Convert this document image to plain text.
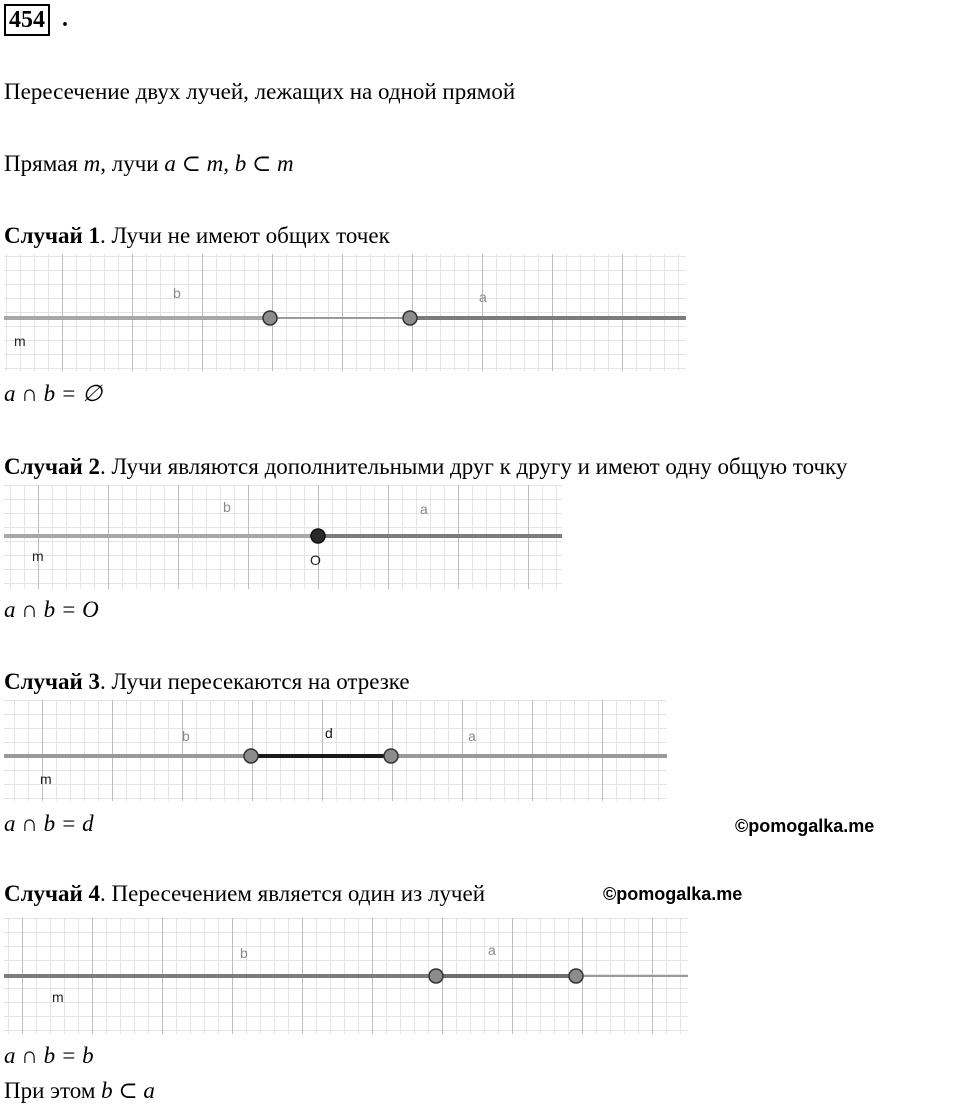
454 .
Пересечение двух лучей, лежащих на одной прямой
Прямая m, лучи a ⊂ m, b ⊂ m
Случай 1. Лучи не имеют общих точек
m
b	a
a ∩ b = ∅
Случай 2. Лучи являются дополнительными друг к другу и имеют одну общую точку
m
b	a
O
a ∩ b = O
Случай 3. Лучи пересекаются на отрезке
m
b	a
d
a ∩ b = d	©pomogalka.me
Случай 4. Пересечением является один из лучей	©pomogalka.me
m
b	a
a ∩ b = b
При этом b ⊂ a
